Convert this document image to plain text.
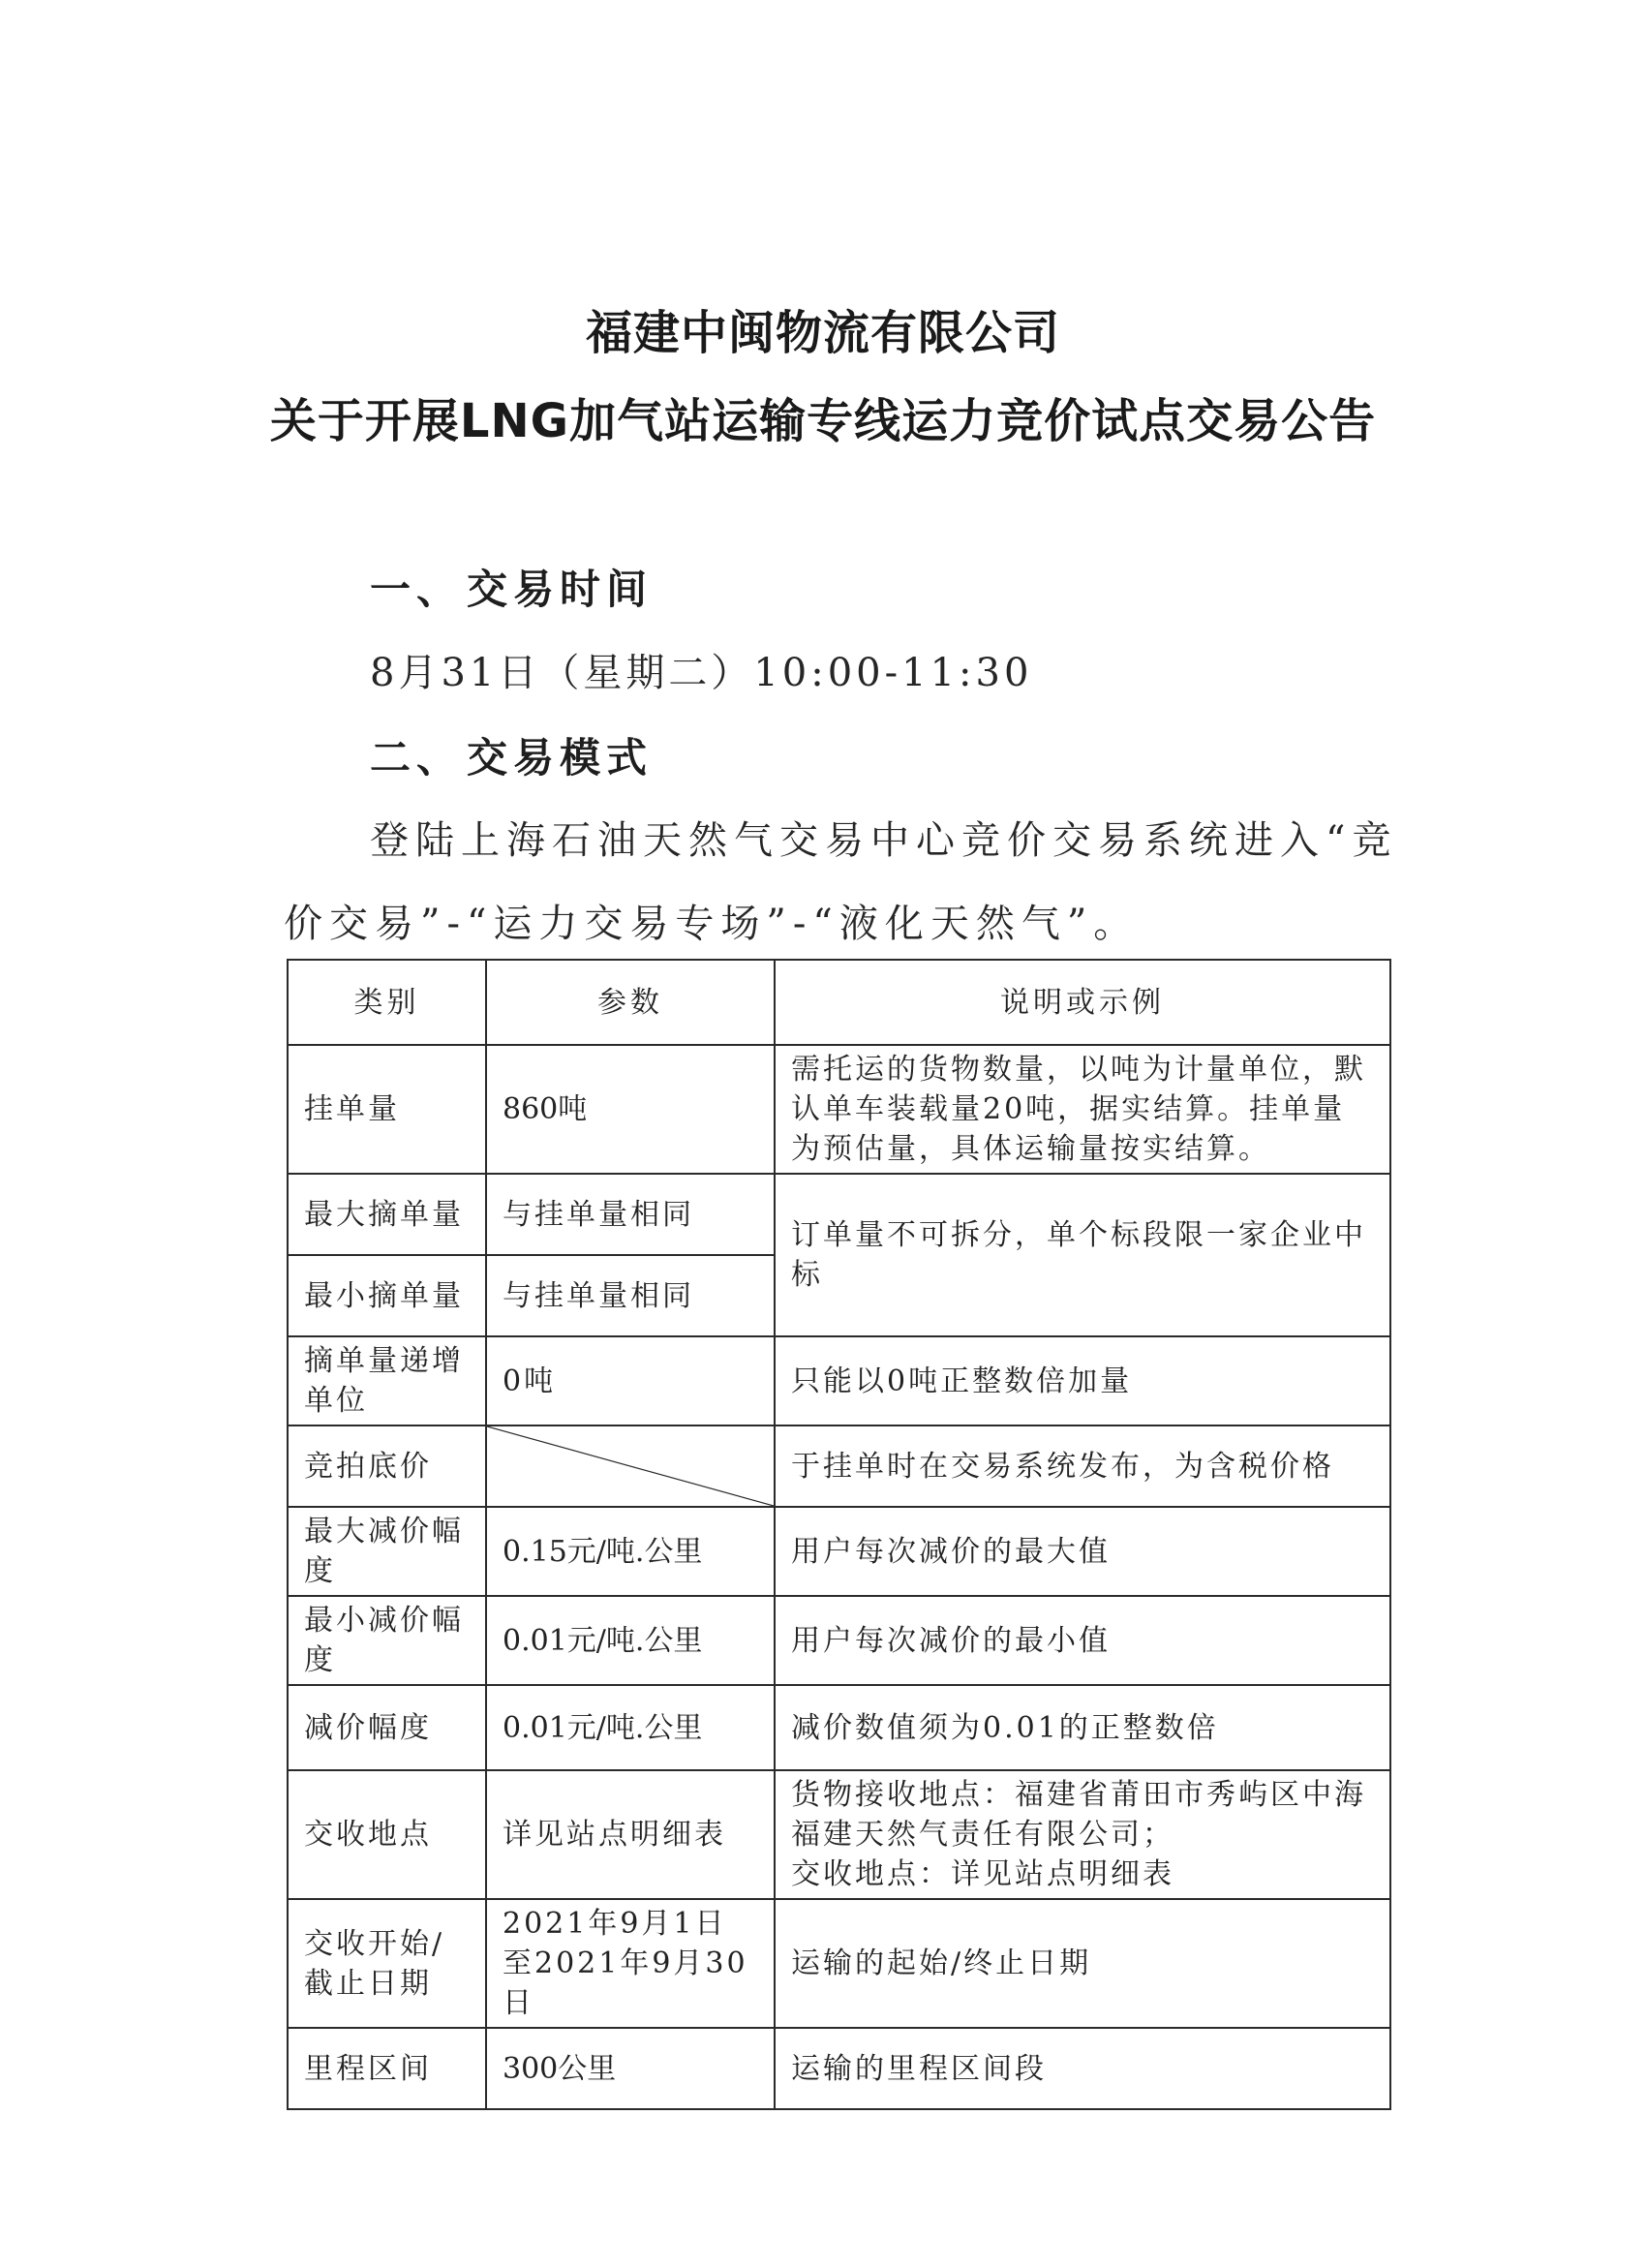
福建中闽物流有限公司
关于开展LNG加气站运输专线运力竞价试点交易公告
一、交易时间
8月31日（星期二）10:00-11:30
二、交易模式
登陆上海石油天然气交易中心竞价交易系统进入“竞
价交易”-“运力交易专场”-“液化天然气”。
类别	参数	说明或示例
挂单量	860吨	需托运的货物数量，以吨为计量单位，默认单车装载量20吨，据实结算。挂单量为预估量，具体运输量按实结算。
最大摘单量	与挂单量相同	订单量不可拆分，单个标段限一家企业中标
最小摘单量	与挂单量相同	
摘单量递增单位	0吨	只能以0吨正整数倍加量
竞拍底价		于挂单时在交易系统发布，为含税价格
最大减价幅度	0.15元/吨.公里	用户每次减价的最大值
最小减价幅度	0.01元/吨.公里	用户每次减价的最小值
减价幅度	0.01元/吨.公里	减价数值须为0.01的正整数倍
交收地点	详见站点明细表	货物接收地点：福建省莆田市秀屿区中海福建天然气责任有限公司；
交收地点：详见站点明细表

交收开始/截止日期	2021年9月1日至2021年9月30日	运输的起始/终止日期
里程区间	300公里	运输的里程区间段
